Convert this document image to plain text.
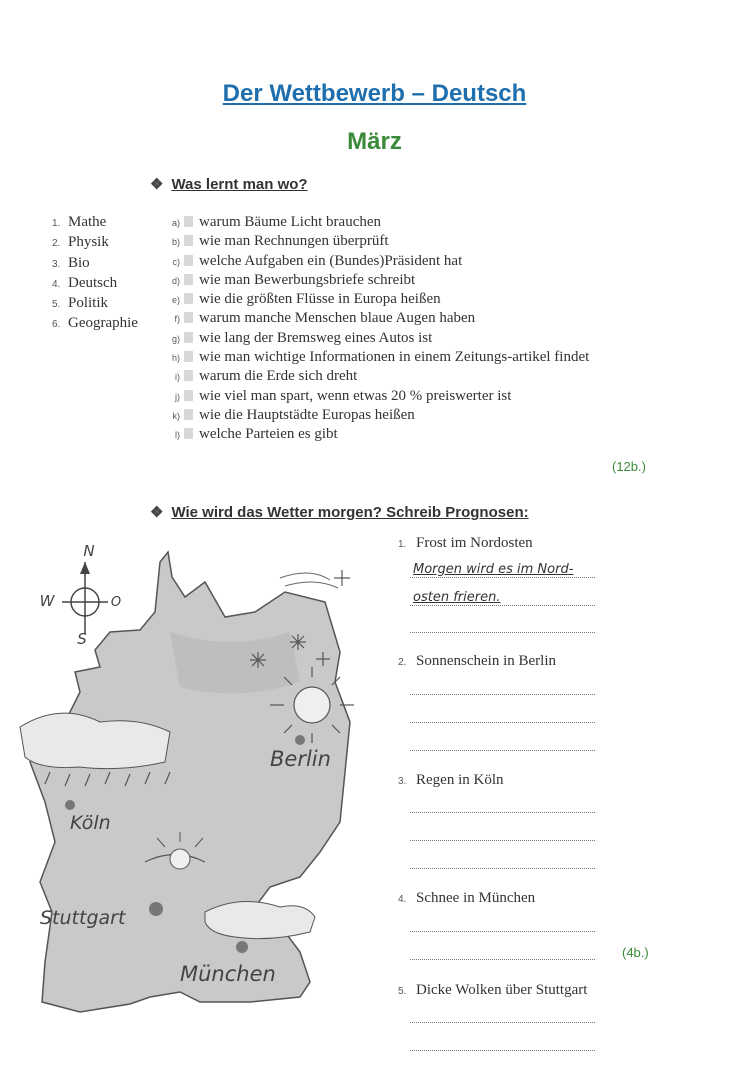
Der Wettbewerb – Deutsch
März
❖ Was lernt man wo?
1. Mathe
2. Physik
3. Bio
4. Deutsch
5. Politik
6. Geographie
a) warum Bäume Licht brauchen
b) wie man Rechnungen überprüft
c) welche Aufgaben ein (Bundes)Präsident hat
d) wie man Bewerbungsbriefe schreibt
e) wie die größten Flüsse in Europa heißen
f) warum manche Menschen blaue Augen haben
g) wie lang der Bremsweg eines Autos ist
h) wie man wichtige Informationen in einem Zeitungs-artikel findet
i) warum die Erde sich dreht
j) wie viel man spart, wenn etwas 20 % preiswerter ist
k) wie die Hauptstädte Europas heißen
l) welche Parteien es gibt
(12b.)
❖ Wie wird das Wetter morgen? Schreib Prognosen:
N
W	O
S
Berlin
Köln
Stuttgart
München
1. Frost im Nordosten
Morgen wird es im Nord-
osten frieren.
2. Sonnenschein in Berlin
3. Regen in Köln
4. Schnee in München
(4b.)
5. Dicke Wolken über Stuttgart
